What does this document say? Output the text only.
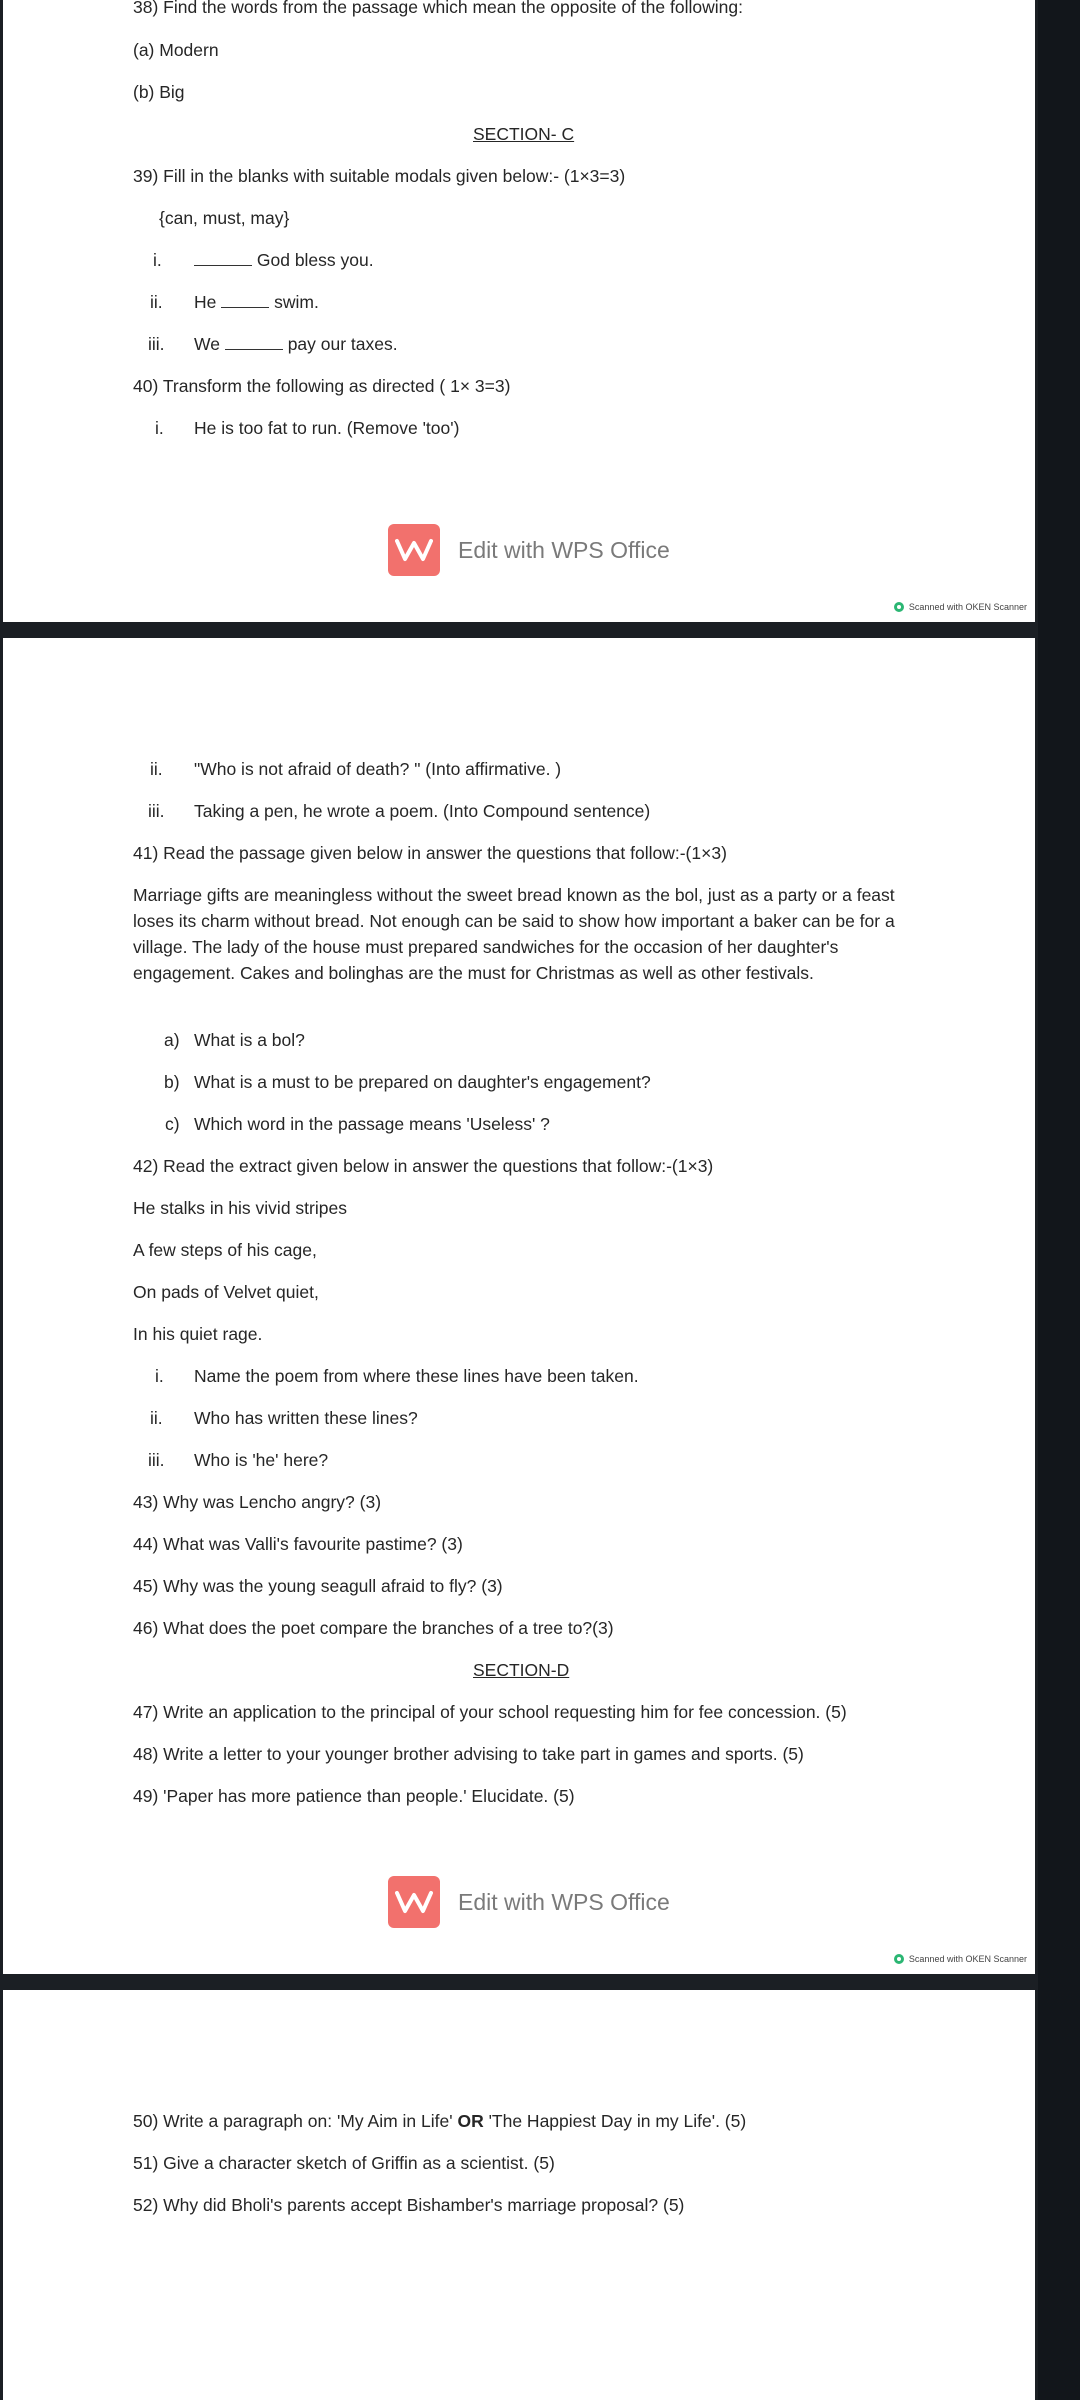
38) Find the words from the passage which mean the opposite of the following:
(a) Modern
(b) Big
SECTION- C
39) Fill in the blanks with suitable modals given below:- (1×3=3)
{can, must, may}
i.	God bless you.
ii. He	swim.
iii. We	pay our taxes.
40) Transform the following as directed ( 1× 3=3)
i. He is too fat to run. (Remove 'too')
Edit with WPS Office
Scanned with OKEN Scanner
ii. "Who is not afraid of death? " (Into affirmative. )
iii. Taking a pen, he wrote a poem. (Into Compound sentence)
41) Read the passage given below in answer the questions that follow:-(1×3)
Marriage gifts are meaningless without the sweet bread known as the bol, just as a party or a feast loses its charm without bread. Not enough can be said to show how important a baker can be for a village. The lady of the house must prepared sandwiches for the occasion of her daughter's engagement. Cakes and bolinghas are the must for Christmas as well as other festivals.
a) What is a bol?
b) What is a must to be prepared on daughter's engagement?
c) Which word in the passage means 'Useless' ?
42) Read the extract given below in answer the questions that follow:-(1×3)
He stalks in his vivid stripes
A few steps of his cage,
On pads of Velvet quiet,
In his quiet rage.
i. Name the poem from where these lines have been taken.
ii. Who has written these lines?
iii. Who is 'he' here?
43) Why was Lencho angry? (3)
44) What was Valli's favourite pastime? (3)
45) Why was the young seagull afraid to fly? (3)
46) What does the poet compare the branches of a tree to?(3)
SECTION-D
47) Write an application to the principal of your school requesting him for fee concession. (5)
48) Write a letter to your younger brother advising to take part in games and sports. (5)
49) 'Paper has more patience than people.' Elucidate. (5)
Edit with WPS Office
Scanned with OKEN Scanner
50) Write a paragraph on: 'My Aim in Life' OR 'The Happiest Day in my Life'. (5)
51) Give a character sketch of Griffin as a scientist. (5)
52) Why did Bholi's parents accept Bishamber's marriage proposal? (5)
